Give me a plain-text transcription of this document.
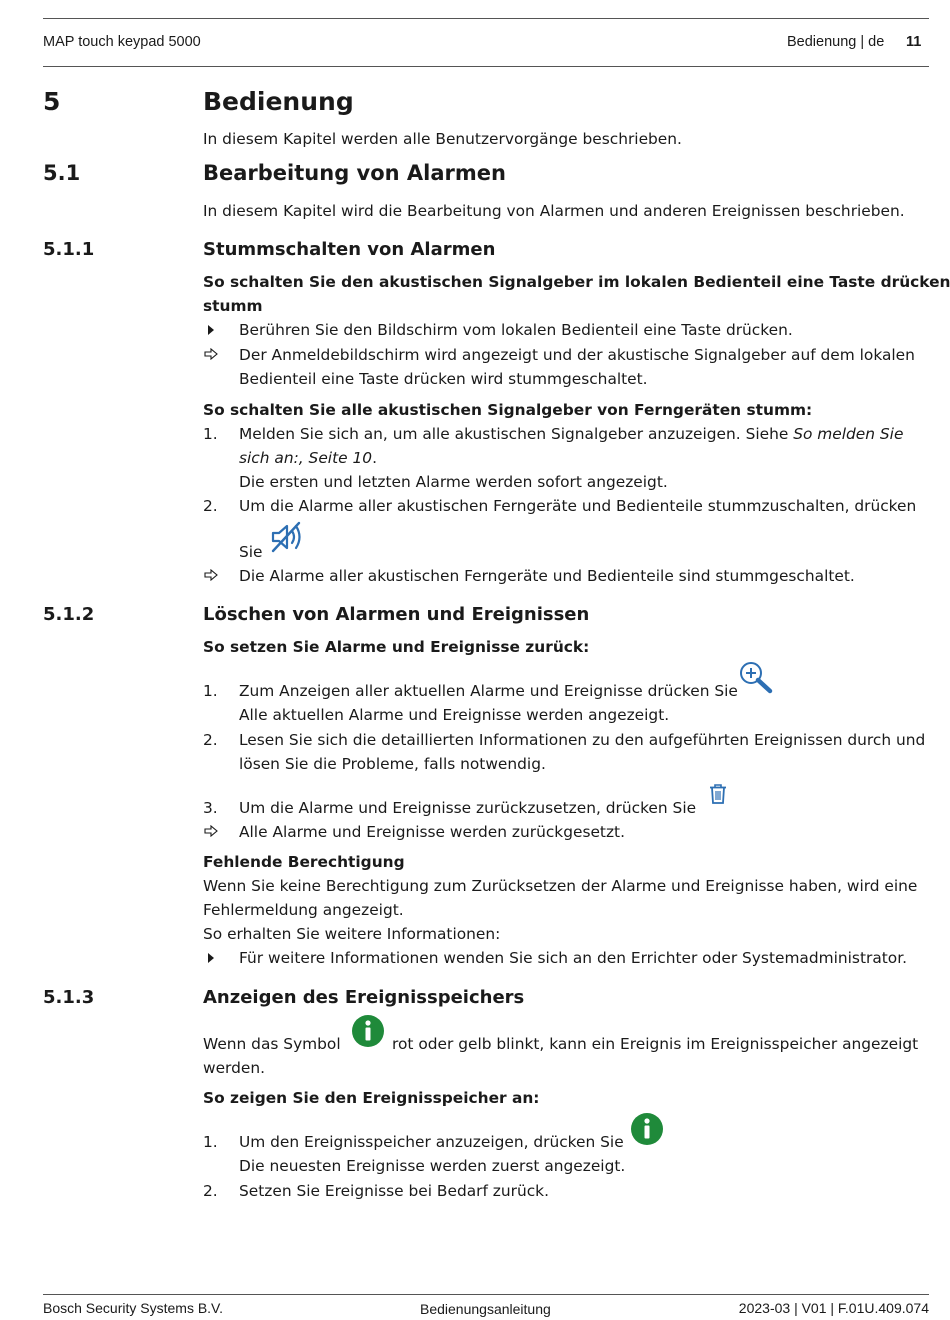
MAP touch keypad 5000	Bedienung | de 11
5	Bedienung
In diesem Kapitel werden alle Benutzervorgänge beschrieben.
5.1	Bearbeitung von Alarmen
In diesem Kapitel wird die Bearbeitung von Alarmen und anderen Ereignissen beschrieben.
5.1.1	Stummschalten von Alarmen
So schalten Sie den akustischen Signalgeber im lokalen Bedienteil eine Taste drücken
stumm
Berühren Sie den Bildschirm vom lokalen Bedienteil eine Taste drücken.
Der Anmeldebildschirm wird angezeigt und der akustische Signalgeber auf dem lokalen
Bedienteil eine Taste drücken wird stummgeschaltet.
So schalten Sie alle akustischen Signalgeber von Ferngeräten stumm:
1. Melden Sie sich an, um alle akustischen Signalgeber anzuzeigen. Siehe So melden Sie
sich an:, Seite 10.
Die ersten und letzten Alarme werden sofort angezeigt.
2. Um die Alarme aller akustischen Ferngeräte und Bedienteile stummzuschalten, drücken
Sie
Die Alarme aller akustischen Ferngeräte und Bedienteile sind stummgeschaltet.
5.1.2	Löschen von Alarmen und Ereignissen
So setzen Sie Alarme und Ereignisse zurück:
1. Zum Anzeigen aller aktuellen Alarme und Ereignisse drücken Sie
Alle aktuellen Alarme und Ereignisse werden angezeigt.
2. Lesen Sie sich die detaillierten Informationen zu den aufgeführten Ereignissen durch und
lösen Sie die Probleme, falls notwendig.
3. Um die Alarme und Ereignisse zurückzusetzen, drücken Sie
Alle Alarme und Ereignisse werden zurückgesetzt.
Fehlende Berechtigung
Wenn Sie keine Berechtigung zum Zurücksetzen der Alarme und Ereignisse haben, wird eine
Fehlermeldung angezeigt.
So erhalten Sie weitere Informationen:
Für weitere Informationen wenden Sie sich an den Errichter oder Systemadministrator.
5.1.3	Anzeigen des Ereignisspeichers
Wenn das Symbol	rot oder gelb blinkt, kann ein Ereignis im Ereignisspeicher angezeigt
werden.
So zeigen Sie den Ereignisspeicher an:
1. Um den Ereignisspeicher anzuzeigen, drücken Sie
Die neuesten Ereignisse werden zuerst angezeigt.
2. Setzen Sie Ereignisse bei Bedarf zurück.
Bosch Security Systems B.V.	Bedienungsanleitung	2023-03 | V01 | F.01U.409.074
